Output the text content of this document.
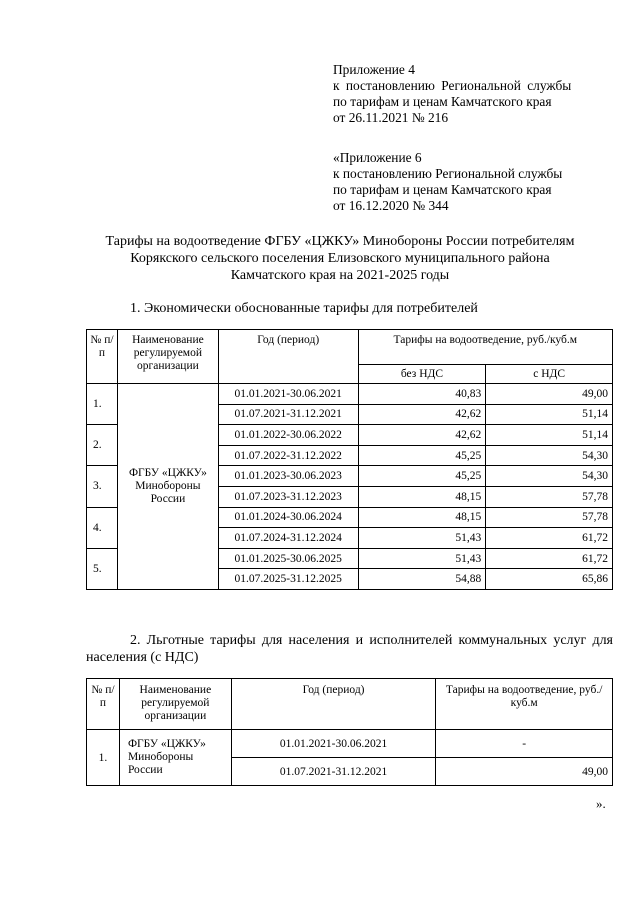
Приложение 4
к постановлению Региональной службы
по тарифам и ценам Камчатского края
от 26.11.2021 № 216
«Приложение 6
к постановлению Региональной службы
по тарифам и ценам Камчатского края
от 16.12.2020 № 344
Тарифы на водоотведение ФГБУ «ЦЖКУ» Минобороны России потребителям
Корякского сельского поселения Елизовского муниципального района
Камчатского края на 2021-2025 годы
1. Экономически обоснованные тарифы для потребителей
№ п/п	Наименование регулируемой организации	Год (период)	Тарифы на водоотведение, руб./куб.м	
			без НДС	с НДС
1.	ФГБУ «ЦЖКУ» Минобороны России	01.01.2021-30.06.2021	40,83	49,00
		01.07.2021-31.12.2021	42,62	51,14
2.		01.01.2022-30.06.2022	42,62	51,14
		01.07.2022-31.12.2022	45,25	54,30
3.		01.01.2023-30.06.2023	45,25	54,30
		01.07.2023-31.12.2023	48,15	57,78
4.		01.01.2024-30.06.2024	48,15	57,78
		01.07.2024-31.12.2024	51,43	61,72
5.		01.01.2025-30.06.2025	51,43	61,72
		01.07.2025-31.12.2025	54,88	65,86
2. Льготные тарифы для населения и исполнителей коммунальных услуг для населения (с НДС)
№ п/п	Наименование регулируемой организации	Год (период)	Тарифы на водоотведение, руб./куб.м
1.	ФГБУ «ЦЖКУ» Минобороны России	01.01.2021-30.06.2021	-
		01.07.2021-31.12.2021	49,00
».
